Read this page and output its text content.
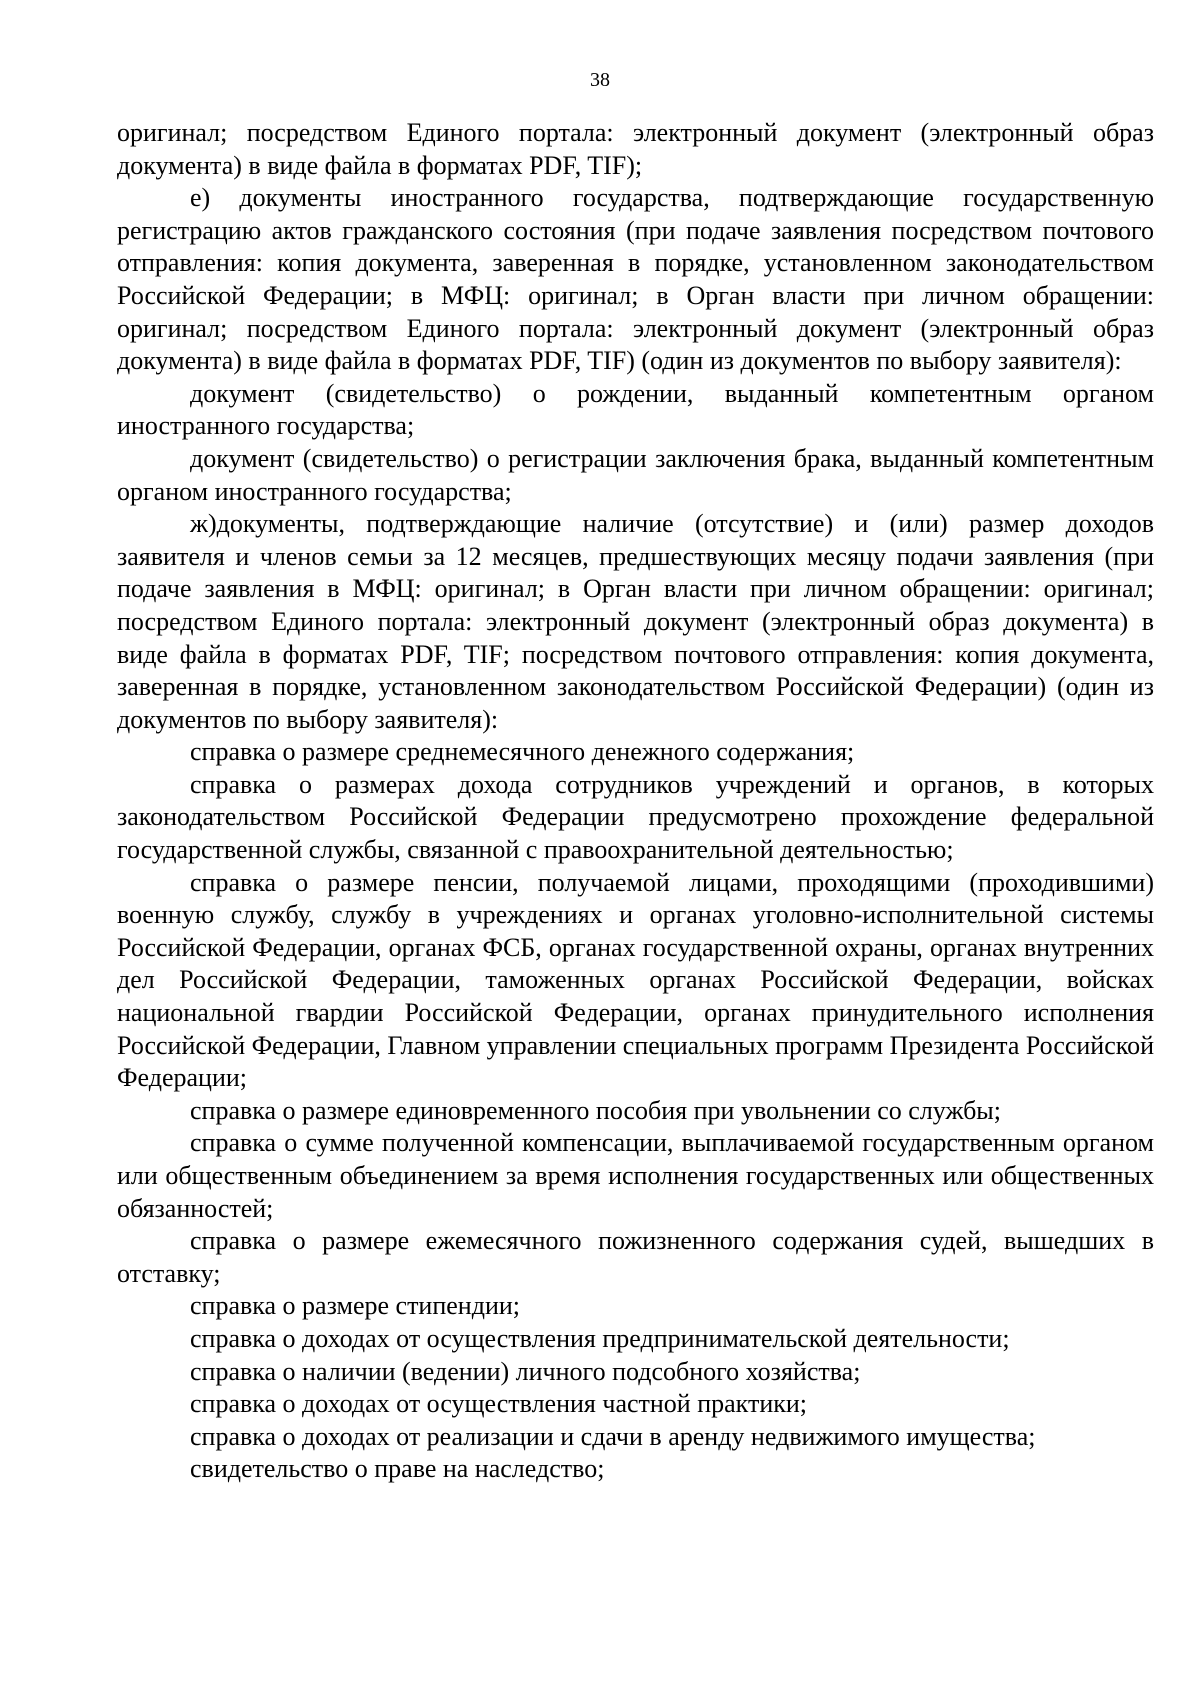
38

оригинал; посредством Единого портала: электронный документ (электронный образ документа) в виде файла в форматах PDF, TIF);

е) документы иностранного государства, подтверждающие государственную регистрацию актов гражданского состояния (при подаче заявления посредством почтового отправления: копия документа, заверенная в порядке, установленном законодательством Российской Федерации; в МФЦ: оригинал; в Орган власти при личном обращении: оригинал; посредством Единого портала: электронный документ (электронный образ документа) в виде файла в форматах PDF, TIF) (один из документов по выбору заявителя):

документ (свидетельство) о рождении, выданный компетентным органом иностранного государства;

документ (свидетельство) о регистрации заключения брака, выданный компетентным органом иностранного государства;

ж)документы, подтверждающие наличие (отсутствие) и (или) размер доходов заявителя и членов семьи за 12 месяцев, предшествующих месяцу подачи заявления (при подаче заявления в МФЦ: оригинал; в Орган власти при личном обращении: оригинал; посредством Единого портала: электронный документ (электронный образ документа) в виде файла в форматах PDF, TIF; посредством почтового отправления: копия документа, заверенная в порядке, установленном законодательством Российской Федерации) (один из документов по выбору заявителя):

справка о размере среднемесячного денежного содержания;

справка о размерах дохода сотрудников учреждений и органов, в которых законодательством Российской Федерации предусмотрено прохождение федеральной государственной службы, связанной с правоохранительной деятельностью;

справка о размере пенсии, получаемой лицами, проходящими (проходившими) военную службу, службу в учреждениях и органах уголовно-исполнительной системы Российской Федерации, органах ФСБ, органах государственной охраны, органах внутренних дел Российской Федерации, таможенных органах Российской Федерации, войсках национальной гвардии Российской Федерации, органах принудительного исполнения Российской Федерации, Главном управлении специальных программ Президента Российской Федерации;

справка о размере единовременного пособия при увольнении со службы;

справка о сумме полученной компенсации, выплачиваемой государственным органом или общественным объединением за время исполнения государственных или общественных обязанностей;

справка о размере ежемесячного пожизненного содержания судей, вышедших в отставку;

справка о размере стипендии;

справка о доходах от осуществления предпринимательской деятельности;

справка о наличии (ведении) личного подсобного хозяйства;

справка о доходах от осуществления частной практики;

справка о доходах от реализации и сдачи в аренду недвижимого имущества;

свидетельство о праве на наследство;
